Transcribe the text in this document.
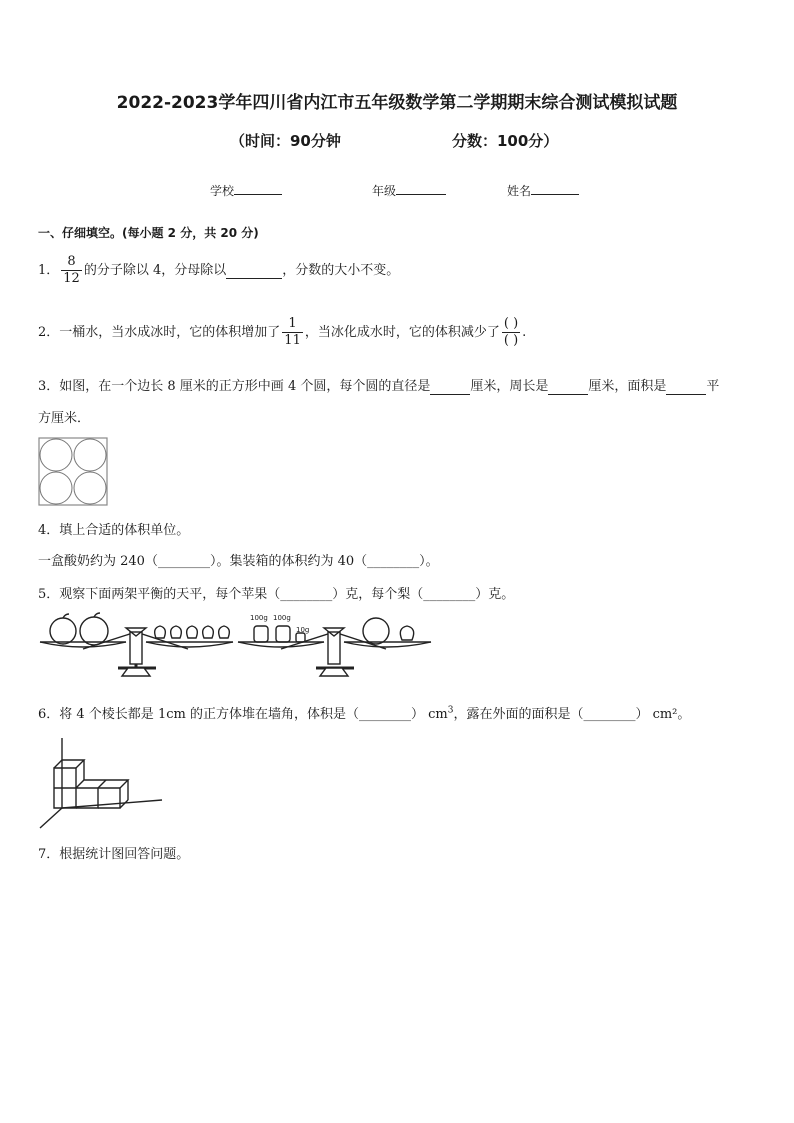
2022-2023学年四川省内江市五年级数学第二学期期末综合测试模拟试题
（时间：90分钟	分数：100分）
学校	年级	姓名
一、仔细填空。(每小题 2 分，共 20 分)
1． $\frac{8}{12}$ 的分子除以 4，分母除以	，分数的大小不变。
2．一桶水，当水成冰时，它的体积增加了 $\frac{1}{11}$ ，当冰化成水时，它的体积减少了 $\frac{( )}{( )}$ .
3．如图，在一个边长 8 厘米的正方形中画 4 个圆，每个圆的直径是	厘米，周长是	厘米，面积是	平
方厘米．
4．填上合适的体积单位。
一盒酸奶约为 240（________）。集装箱的体积约为 40（________）。
5．观察下面两架平衡的天平，每个苹果（________）克，每个梨（________）克。
100g 100g
10g
6．将 4 个棱长都是 1cm 的正方体堆在墙角，体积是（________） $cm^3$，露在外面的面积是（________） cm²。
7．根据统计图回答问题。
